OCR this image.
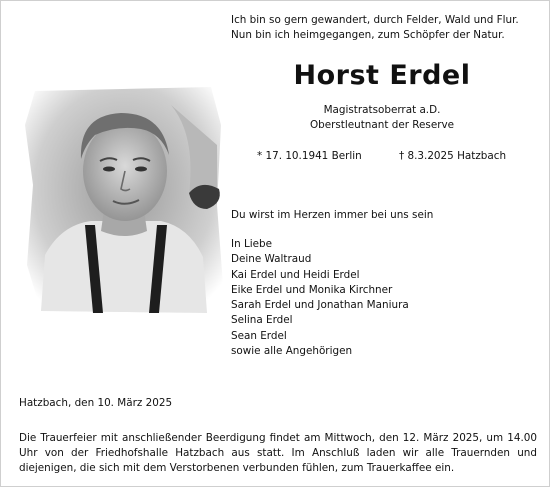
Ich bin so gern gewandert, durch Felder, Wald und Flur.
Nun bin ich heimgegangen, zum Schöpfer der Natur.
Horst Erdel
Magistratsoberrat a.D.
Oberstleutnant der Reserve
* 17. 10.1941 Berlin	† 8.3.2025 Hatzbach
Du wirst im Herzen immer bei uns sein
In Liebe
Deine Waltraud
Kai Erdel und Heidi Erdel
Eike Erdel und Monika Kirchner
Sarah Erdel und Jonathan Maniura
Selina Erdel
Sean Erdel
sowie alle Angehörigen
Hatzbach, den 10. März 2025
Die Trauerfeier mit anschließender Beerdigung findet am Mittwoch, den 12. März 2025, um 14.00 Uhr von der Friedhofshalle Hatzbach aus statt. Im Anschluß laden wir alle Trauernden und diejenigen, die sich mit dem Verstorbenen verbunden fühlen, zum Trauerkaffee ein.
